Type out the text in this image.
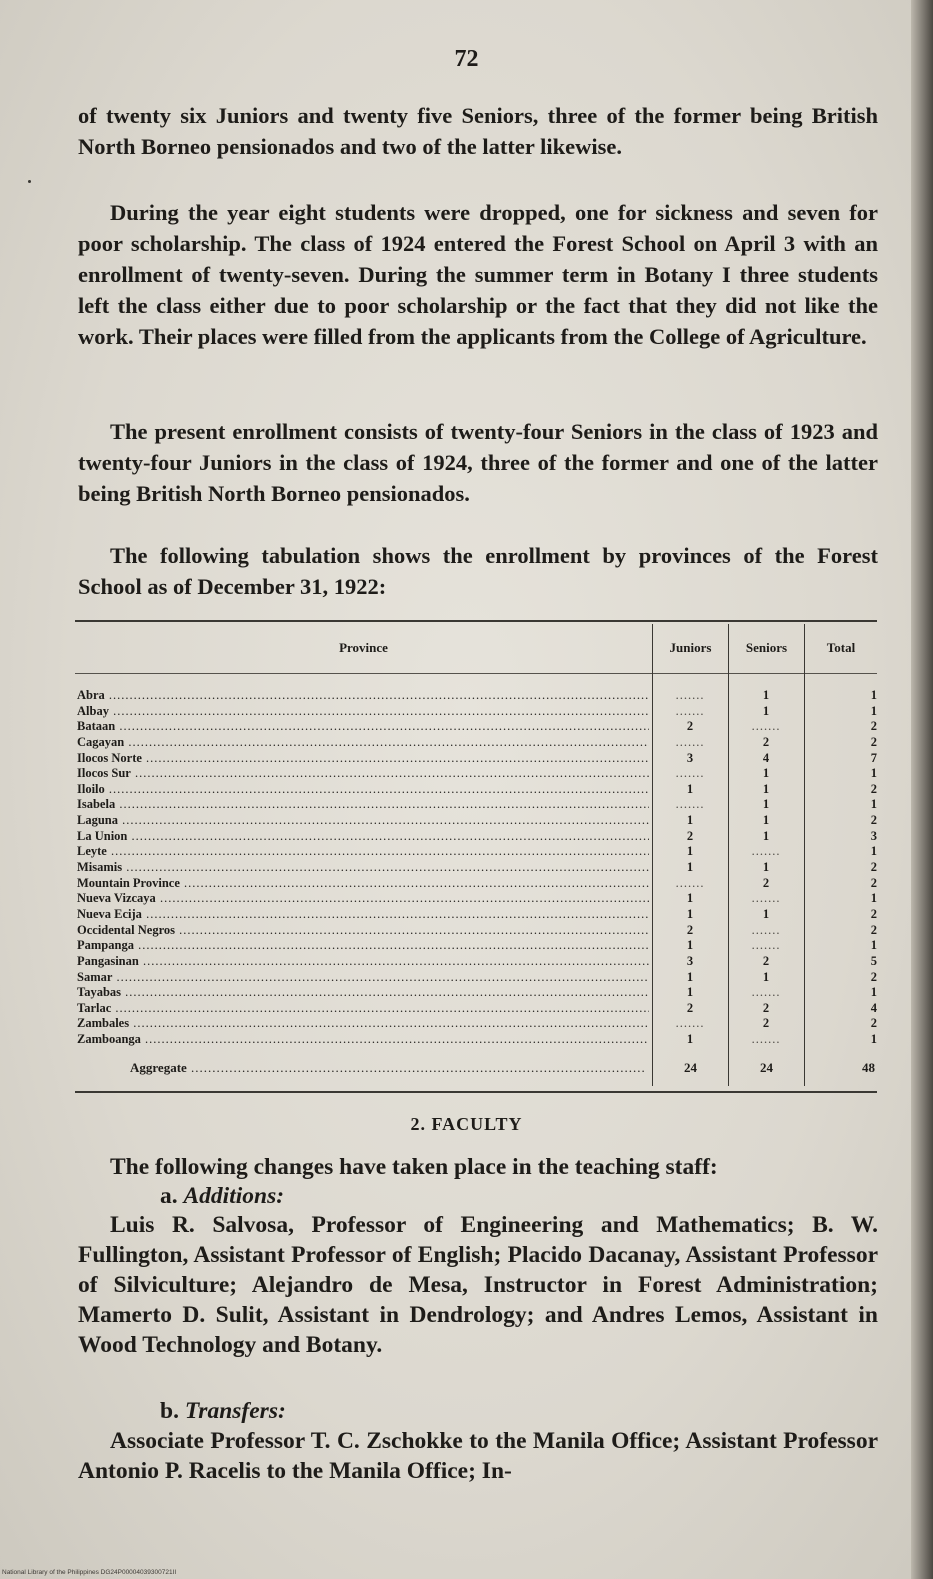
72

of twenty six Juniors and twenty five Seniors, three of the former being British North Borneo pensionados and two of the latter likewise.

During the year eight students were dropped, one for sickness and seven for poor scholarship. The class of 1924 entered the Forest School on April 3 with an enrollment of twenty-seven. During the summer term in Botany I three students left the class either due to poor scholarship or the fact that they did not like the work. Their places were filled from the applicants from the College of Agriculture.

The present enrollment consists of twenty-four Seniors in the class of 1923 and twenty-four Juniors in the class of 1924, three of the former and one of the latter being British North Borneo pensionados.

The following tabulation shows the enrollment by provinces of the Forest School as of December 31, 1922:

Province	Juniors	Seniors	Total
Abra .....	.......	1	1
Albay .....	.......	1	1
Bataan .....	2	.......	2
Cagayan .....	.......	2	2
Ilocos Norte .....	3	4	7
Ilocos Sur .....	.......	1	1
Iloilo .....	1	1	2
Isabela .....	.......	1	1
Laguna .....	1	1	2
La Union .....	2	1	3
Leyte .....	1	.......	1
Misamis .....	1	1	2
Mountain Province .....	.......	2	2
Nueva Vizcaya .....	1	.......	1
Nueva Ecija .....	1	1	2
Occidental Negros .....	2	.......	2
Pampanga .....	1	.......	1
Pangasinan .....	3	2	5
Samar .....	1	1	2
Tayabas .....	1	.......	1
Tarlac .....	2	2	4
Zambales .....	.......	2	2
Zamboanga .....	1	.......	1
Aggregate .....	24	24	48
2. FACULTY

The following changes have taken place in the teaching staff:

a. Additions:

Luis R. Salvosa, Professor of Engineering and Mathematics; B. W. Fullington, Assistant Professor of English; Placido Dacanay, Assistant Professor of Silviculture; Alejandro de Mesa, Instructor in Forest Administration; Mamerto D. Sulit, Assistant in Dendrology; and Andres Lemos, Assistant in Wood Technology and Botany.

b. Transfers:

Associate Professor T. C. Zschokke to the Manila Office; Assistant Professor Antonio P. Racelis to the Manila Office; In-

National Library of the Philippines DG24P00004039300721II
